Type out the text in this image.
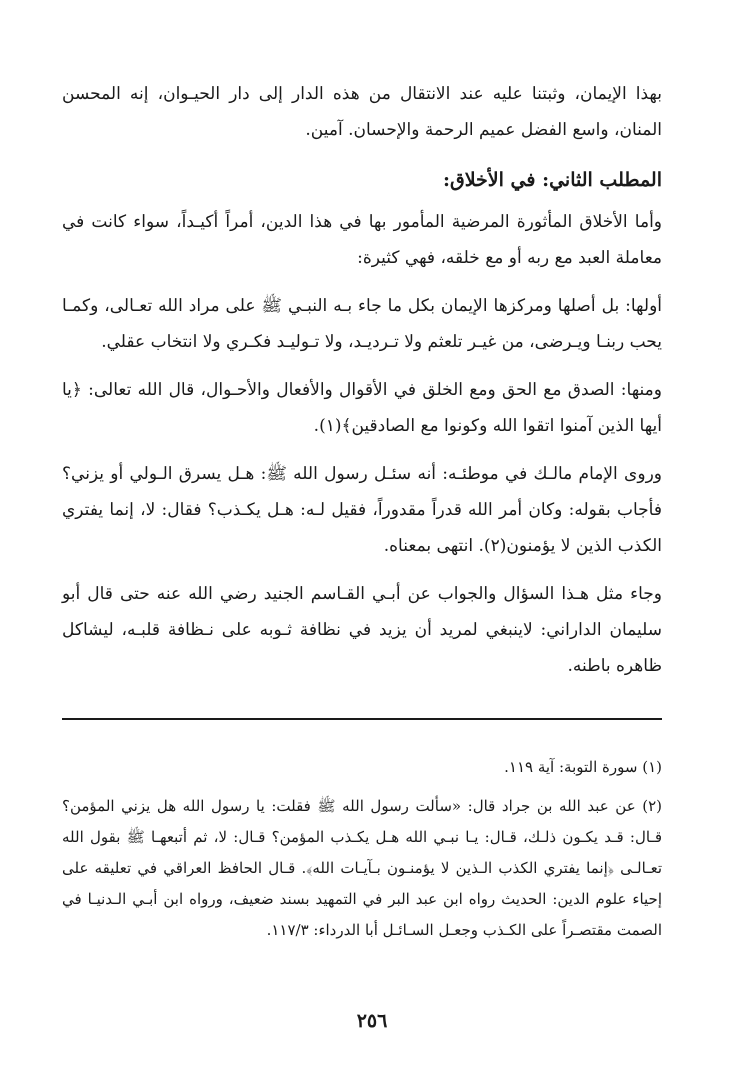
بهذا الإيمان، وثبتنا عليه عند الانتقال من هذه الدار إلى دار الحيـوان، إنه المحسن المنان، واسع الفضل عميم الرحمة والإحسان. آمين.

المطلب الثاني: في الأخلاق:

وأما الأخلاق المأثورة المرضية المأمور بها في هذا الدين، أمراً أكيـداً، سواء كانت في معاملة العبد مع ربه أو مع خلقه، فهي كثيرة:

أولها: بل أصلها ومركزها الإيمان بكل ما جاء بـه النبـي ﷺ على مراد الله تعـالى، وكمـا يحب ربنـا ويـرضى، من غيـر تلعثم ولا تـرديـد، ولا تـوليـد فكـري ولا انتخاب عقلي.

ومنها: الصدق مع الحق ومع الخلق في الأقوال والأفعال والأحـوال، قال الله تعالى: ﴿يا أيها الذين آمنوا اتقوا الله وكونوا مع الصادقين﴾(١).

وروى الإمام مالـك في موطئـه: أنه سئـل رسول الله ﷺ: هـل يسرق الـولي أو يزني؟ فأجاب بقوله: وكان أمر الله قدراً مقدوراً، فقيل لـه: هـل يكـذب؟ فقال: لا، إنما يفتري الكذب الذين لا يؤمنون(٢). انتهى بمعناه.

وجاء مثل هـذا السؤال والجواب عن أبـي القـاسم الجنيد رضي الله عنه حتى قال أبو سليمان الداراني: لاينبغي لمريد أن يزيد في نظافة ثـوبه على نـظافة قلبـه، ليشاكل ظاهره باطنه.

(١) سورة التوبة: آية ١١٩.

(٢) عن عبد الله بن جراد قال: «سألت رسول الله ﷺ فقلت: يا رسول الله هل يزني المؤمن؟ قـال: قـد يكـون ذلـك، قـال: يـا نبـي الله هـل يكـذب المؤمن؟ قـال: لا، ثم أتبعهـا ﷺ بقول الله تعـالـى ﴿إنما يفتري الكذب الـذين لا يؤمنـون بـآيـات الله﴾. قـال الحافظ العراقي في تعليقه على إحياء علوم الدين: الحديث رواه ابن عبد البر في التمهيد بسند ضعيف، ورواه ابن أبـي الـدنيـا في الصمت مقتصـراً على الكـذب وجعـل السـائـل أبا الدرداء: ١١٧/٣.

٢٥٦
